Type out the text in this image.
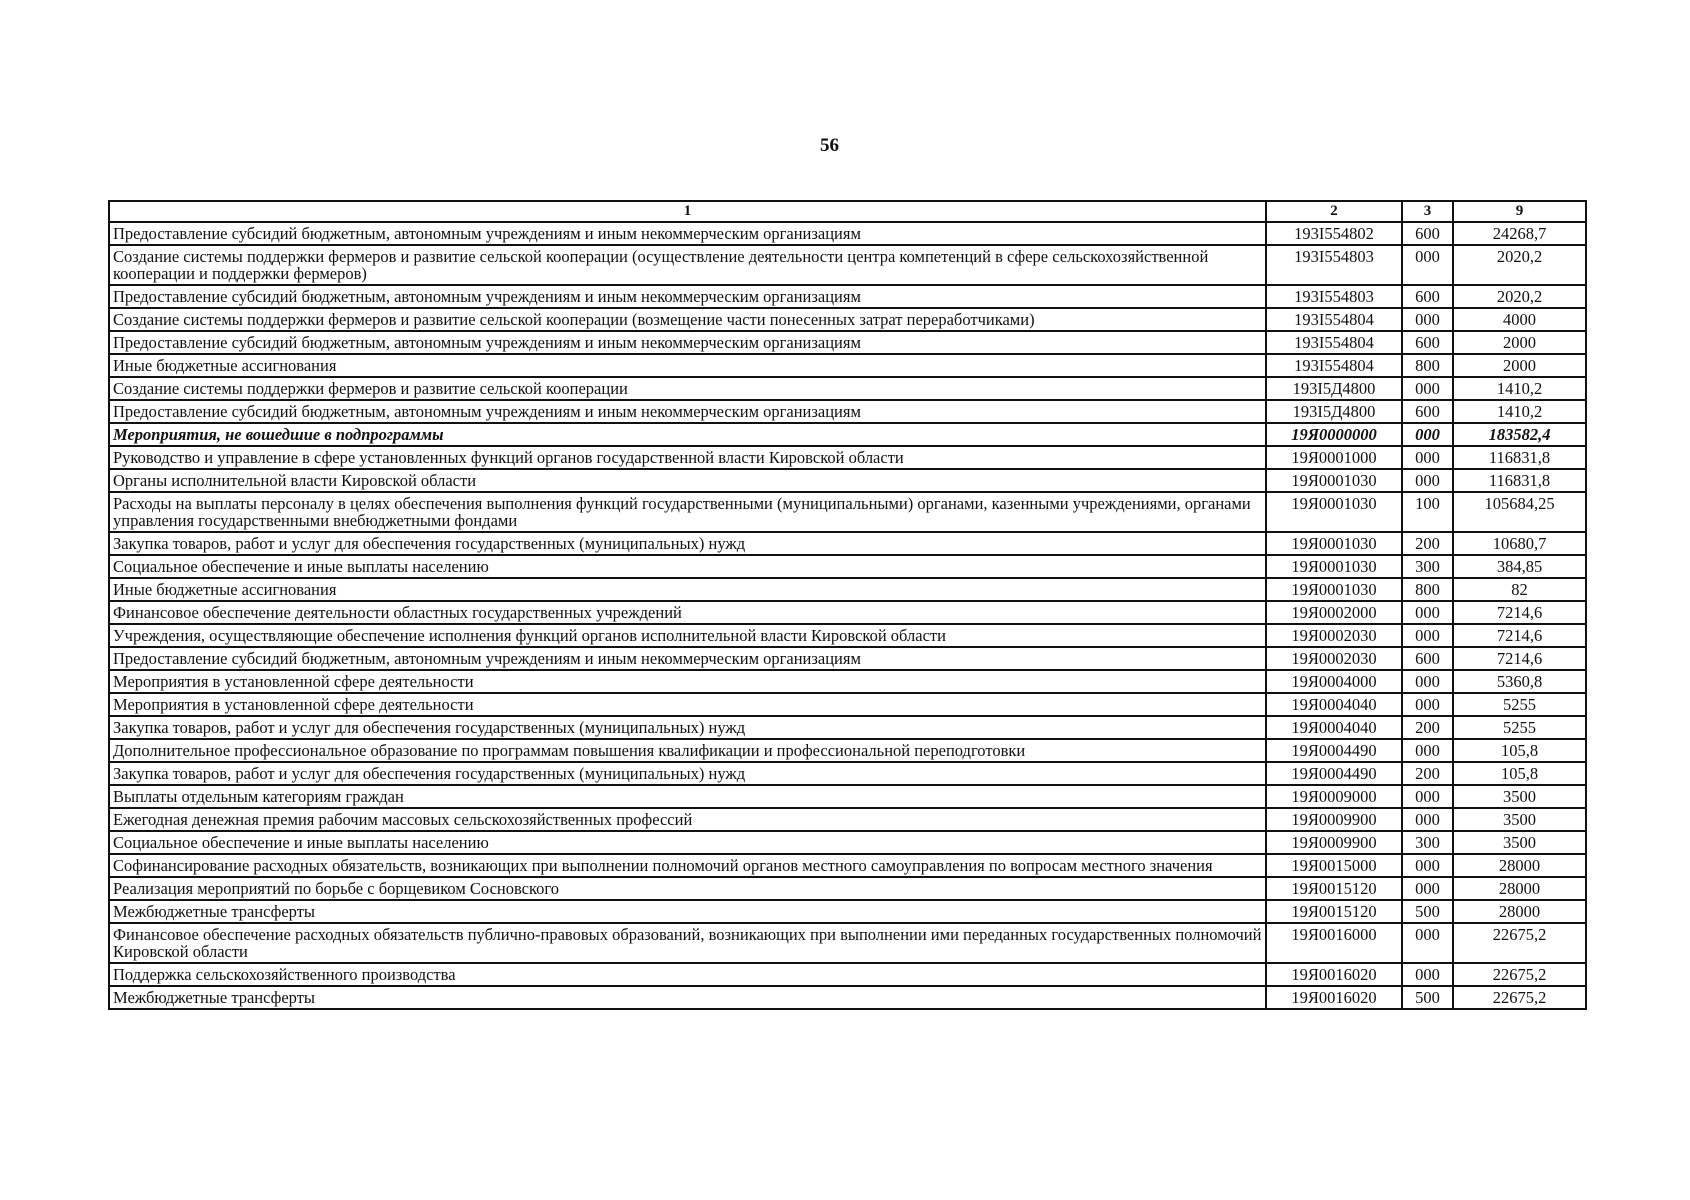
56
1	2	3	9
Предоставление субсидий бюджетным, автономным учреждениям и иным некоммерческим организациям	193I554802	600	24268,7
Создание системы поддержки фермеров и развитие сельской кооперации (осуществление деятельности центра компетенций в сфере сельскохозяйственной кооперации и поддержки фермеров)	193I554803	000	2020,2
Предоставление субсидий бюджетным, автономным учреждениям и иным некоммерческим организациям	193I554803	600	2020,2
Создание системы поддержки фермеров и развитие сельской кооперации (возмещение части понесенных затрат переработчиками)	193I554804	000	4000
Предоставление субсидий бюджетным, автономным учреждениям и иным некоммерческим организациям	193I554804	600	2000
Иные бюджетные ассигнования	193I554804	800	2000
Создание системы поддержки фермеров и развитие сельской кооперации	193I5Д4800	000	1410,2
Предоставление субсидий бюджетным, автономным учреждениям и иным некоммерческим организациям	193I5Д4800	600	1410,2
Мероприятия, не вошедшие в подпрограммы	19Я0000000	000	183582,4
Руководство и управление в сфере установленных функций органов государственной власти Кировской области	19Я0001000	000	116831,8
Органы исполнительной власти Кировской области	19Я0001030	000	116831,8
Расходы на выплаты персоналу в целях обеспечения выполнения функций государственными (муниципальными) органами, казенными учреждениями, органами управления государственными внебюджетными фондами	19Я0001030	100	105684,25
Закупка товаров, работ и услуг для обеспечения государственных (муниципальных) нужд	19Я0001030	200	10680,7
Социальное обеспечение и иные выплаты населению	19Я0001030	300	384,85
Иные бюджетные ассигнования	19Я0001030	800	82
Финансовое обеспечение деятельности областных государственных учреждений	19Я0002000	000	7214,6
Учреждения, осуществляющие обеспечение исполнения функций органов исполнительной власти Кировской области	19Я0002030	000	7214,6
Предоставление субсидий бюджетным, автономным учреждениям и иным некоммерческим организациям	19Я0002030	600	7214,6
Мероприятия в установленной сфере деятельности	19Я0004000	000	5360,8
Мероприятия в установленной сфере деятельности	19Я0004040	000	5255
Закупка товаров, работ и услуг для обеспечения государственных (муниципальных) нужд	19Я0004040	200	5255
Дополнительное профессиональное образование по программам повышения квалификации и профессиональной переподготовки	19Я0004490	000	105,8
Закупка товаров, работ и услуг для обеспечения государственных (муниципальных) нужд	19Я0004490	200	105,8
Выплаты отдельным категориям граждан	19Я0009000	000	3500
Ежегодная денежная премия рабочим массовых сельскохозяйственных профессий	19Я0009900	000	3500
Социальное обеспечение и иные выплаты населению	19Я0009900	300	3500
Софинансирование расходных обязательств, возникающих при выполнении полномочий органов местного самоуправления по вопросам местного значения	19Я0015000	000	28000
Реализация мероприятий по борьбе с борщевиком Сосновского	19Я0015120	000	28000
Межбюджетные трансферты	19Я0015120	500	28000
Финансовое обеспечение расходных обязательств публично-правовых образований, возникающих при выполнении ими переданных государственных полномочий Кировской области	19Я0016000	000	22675,2
Поддержка сельскохозяйственного производства	19Я0016020	000	22675,2
Межбюджетные трансферты	19Я0016020	500	22675,2
